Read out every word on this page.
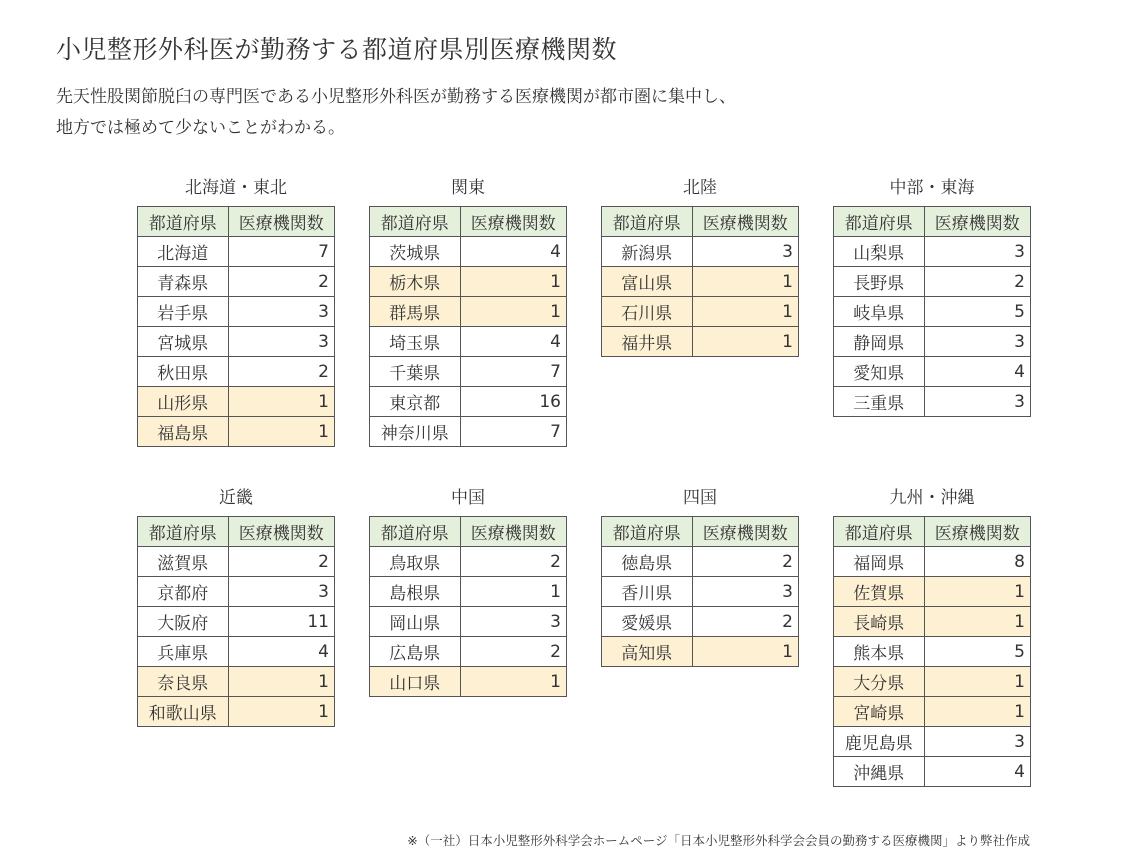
小児整形外科医が勤務する都道府県別医療機関数
先天性股関節脱臼の専門医である小児整形外科医が勤務する医療機関が都市圏に集中し、
地方では極めて少ないことがわかる。
北海道・東北
都道府県	医療機関数
北海道	7
青森県	2
岩手県	3
宮城県	3
秋田県	2
山形県	1
福島県	1
関東
都道府県	医療機関数
茨城県	4
栃木県	1
群馬県	1
埼玉県	4
千葉県	7
東京都	16
神奈川県	7
北陸
都道府県	医療機関数
新潟県	3
富山県	1
石川県	1
福井県	1
中部・東海
都道府県	医療機関数
山梨県	3
長野県	2
岐阜県	5
静岡県	3
愛知県	4
三重県	3
近畿
都道府県	医療機関数
滋賀県	2
京都府	3
大阪府	11
兵庫県	4
奈良県	1
和歌山県	1
中国
都道府県	医療機関数
鳥取県	2
島根県	1
岡山県	3
広島県	2
山口県	1
四国
都道府県	医療機関数
徳島県	2
香川県	3
愛媛県	2
高知県	1
九州・沖縄
都道府県	医療機関数
福岡県	8
佐賀県	1
長崎県	1
熊本県	5
大分県	1
宮崎県	1
鹿児島県	3
沖縄県	4
※（一社）日本小児整形外科学会ホームページ「日本小児整形外科学会会員の勤務する医療機関」より弊社作成
